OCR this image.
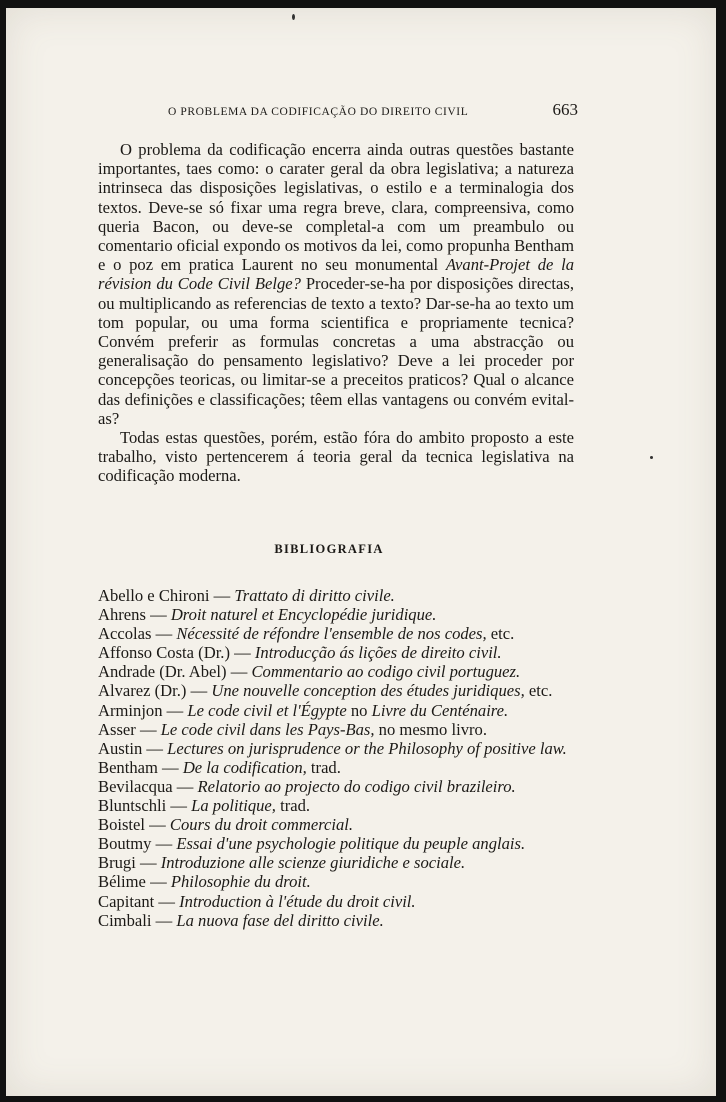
O PROBLEMA DA CODIFICAÇÃO DO DIREITO CIVIL	663

O problema da codificação encerra ainda outras questões bastante importantes, taes como: o carater geral da obra legislativa; a natureza intrinseca das disposições legislativas, o estilo e a terminalogia dos textos. Deve-se só fixar uma regra breve, clara, compreensiva, como queria Bacon, ou deve-se completal-a com um preambulo ou comentario oficial expondo os motivos da lei, como propunha Bentham e o poz em pratica Laurent no seu monumental Avant-Projet de la révision du Code Civil Belge? Proceder-se-ha por disposições directas, ou multiplicando as referencias de texto a texto? Dar-se-ha ao texto um tom popular, ou uma forma scientifica e propriamente tecnica? Convém preferir as formulas concretas a uma abstracção ou generalisação do pensamento legislativo? Deve a lei proceder por concepções teoricas, ou limitar-se a preceitos praticos? Qual o alcance das definições e classificações; têem ellas vantagens ou convém evital-as?

Todas estas questões, porém, estão fóra do ambito proposto a este trabalho, visto pertencerem á teoria geral da tecnica legislativa na codificação moderna.

BIBLIOGRAFIA

Abello e Chironi — Trattato di diritto civile.

Ahrens — Droit naturel et Encyclopédie juridique.

Accolas — Nécessité de réfondre l'ensemble de nos codes, etc.

Affonso Costa (Dr.) — Introducção ás lições de direito civil.

Andrade (Dr. Abel) — Commentario ao codigo civil portuguez.

Alvarez (Dr.) — Une nouvelle conception des études juridiques, etc.

Arminjon — Le code civil et l'Égypte no Livre du Centénaire.

Asser — Le code civil dans les Pays-Bas, no mesmo livro.

Austin — Lectures on jurisprudence or the Philosophy of positive law.

Bentham — De la codification, trad.

Bevilacqua — Relatorio ao projecto do codigo civil brazileiro.

Bluntschli — La politique, trad.

Boistel — Cours du droit commercial.

Boutmy — Essai d'une psychologie politique du peuple anglais.

Brugi — Introduzione alle scienze giuridiche e sociale.

Bélime — Philosophie du droit.

Capitant — Introduction à l'étude du droit civil.

Cimbali — La nuova fase del diritto civile.
